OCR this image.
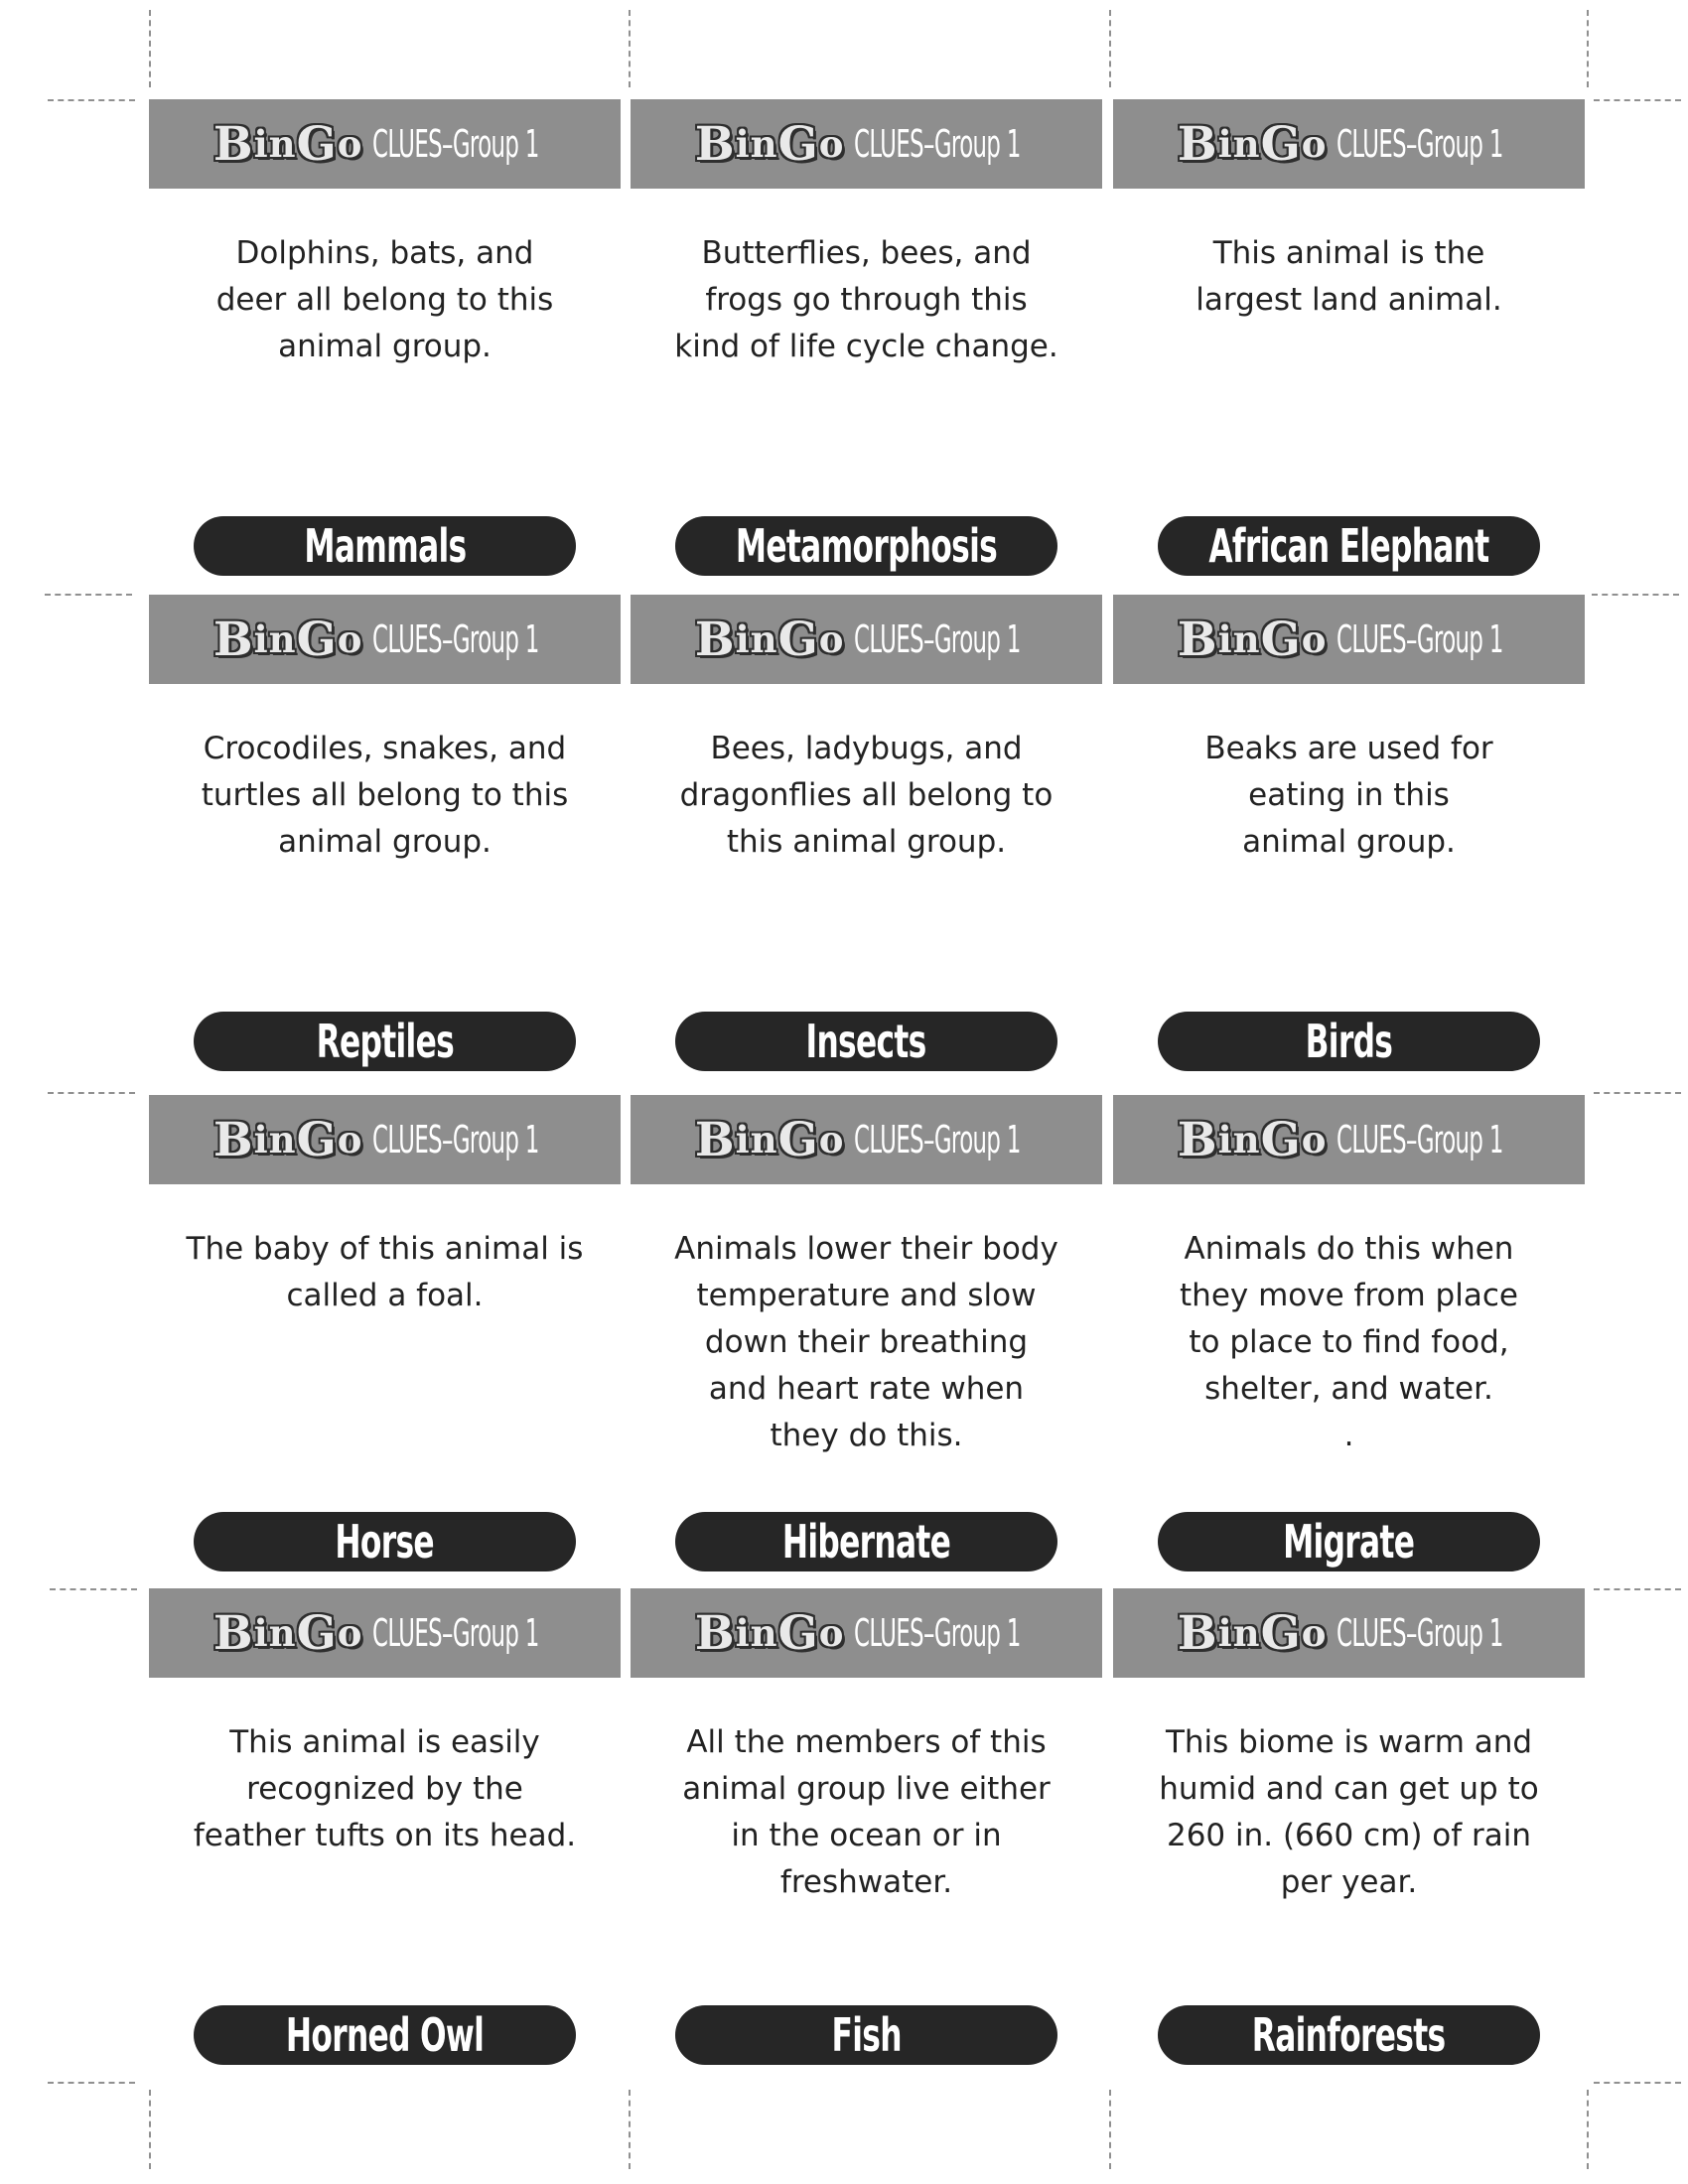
B i n G o CLUES–Group 1
Dolphins, bats, and
deer all belong to this
animal group.
Mammals
B i n G o CLUES–Group 1
Butterflies, bees, and
frogs go through this
kind of life cycle change.
Metamorphosis
B i n G o CLUES–Group 1
This animal is the
largest land animal.
African Elephant
B i n G o CLUES–Group 1
Crocodiles, snakes, and
turtles all belong to this
animal group.
Reptiles
B i n G o CLUES–Group 1
Bees, ladybugs, and
dragonflies all belong to
this animal group.
Insects
B i n G o CLUES–Group 1
Beaks are used for
eating in this
animal group.
Birds
B i n G o CLUES–Group 1
The baby of this animal is
called a foal.
Horse
B i n G o CLUES–Group 1
Animals lower their body
temperature and slow
down their breathing
and heart rate when
they do this.
Hibernate
B i n G o CLUES–Group 1
Animals do this when
they move from place
to place to find food,
shelter, and water.
.
Migrate
B i n G o CLUES–Group 1
This animal is easily
recognized by the
feather tufts on its head.
Horned Owl
B i n G o CLUES–Group 1
All the members of this
animal group live either
in the ocean or in
freshwater.
Fish
B i n G o CLUES–Group 1
This biome is warm and
humid and can get up to
260 in. (660 cm) of rain
per year.
Rainforests
